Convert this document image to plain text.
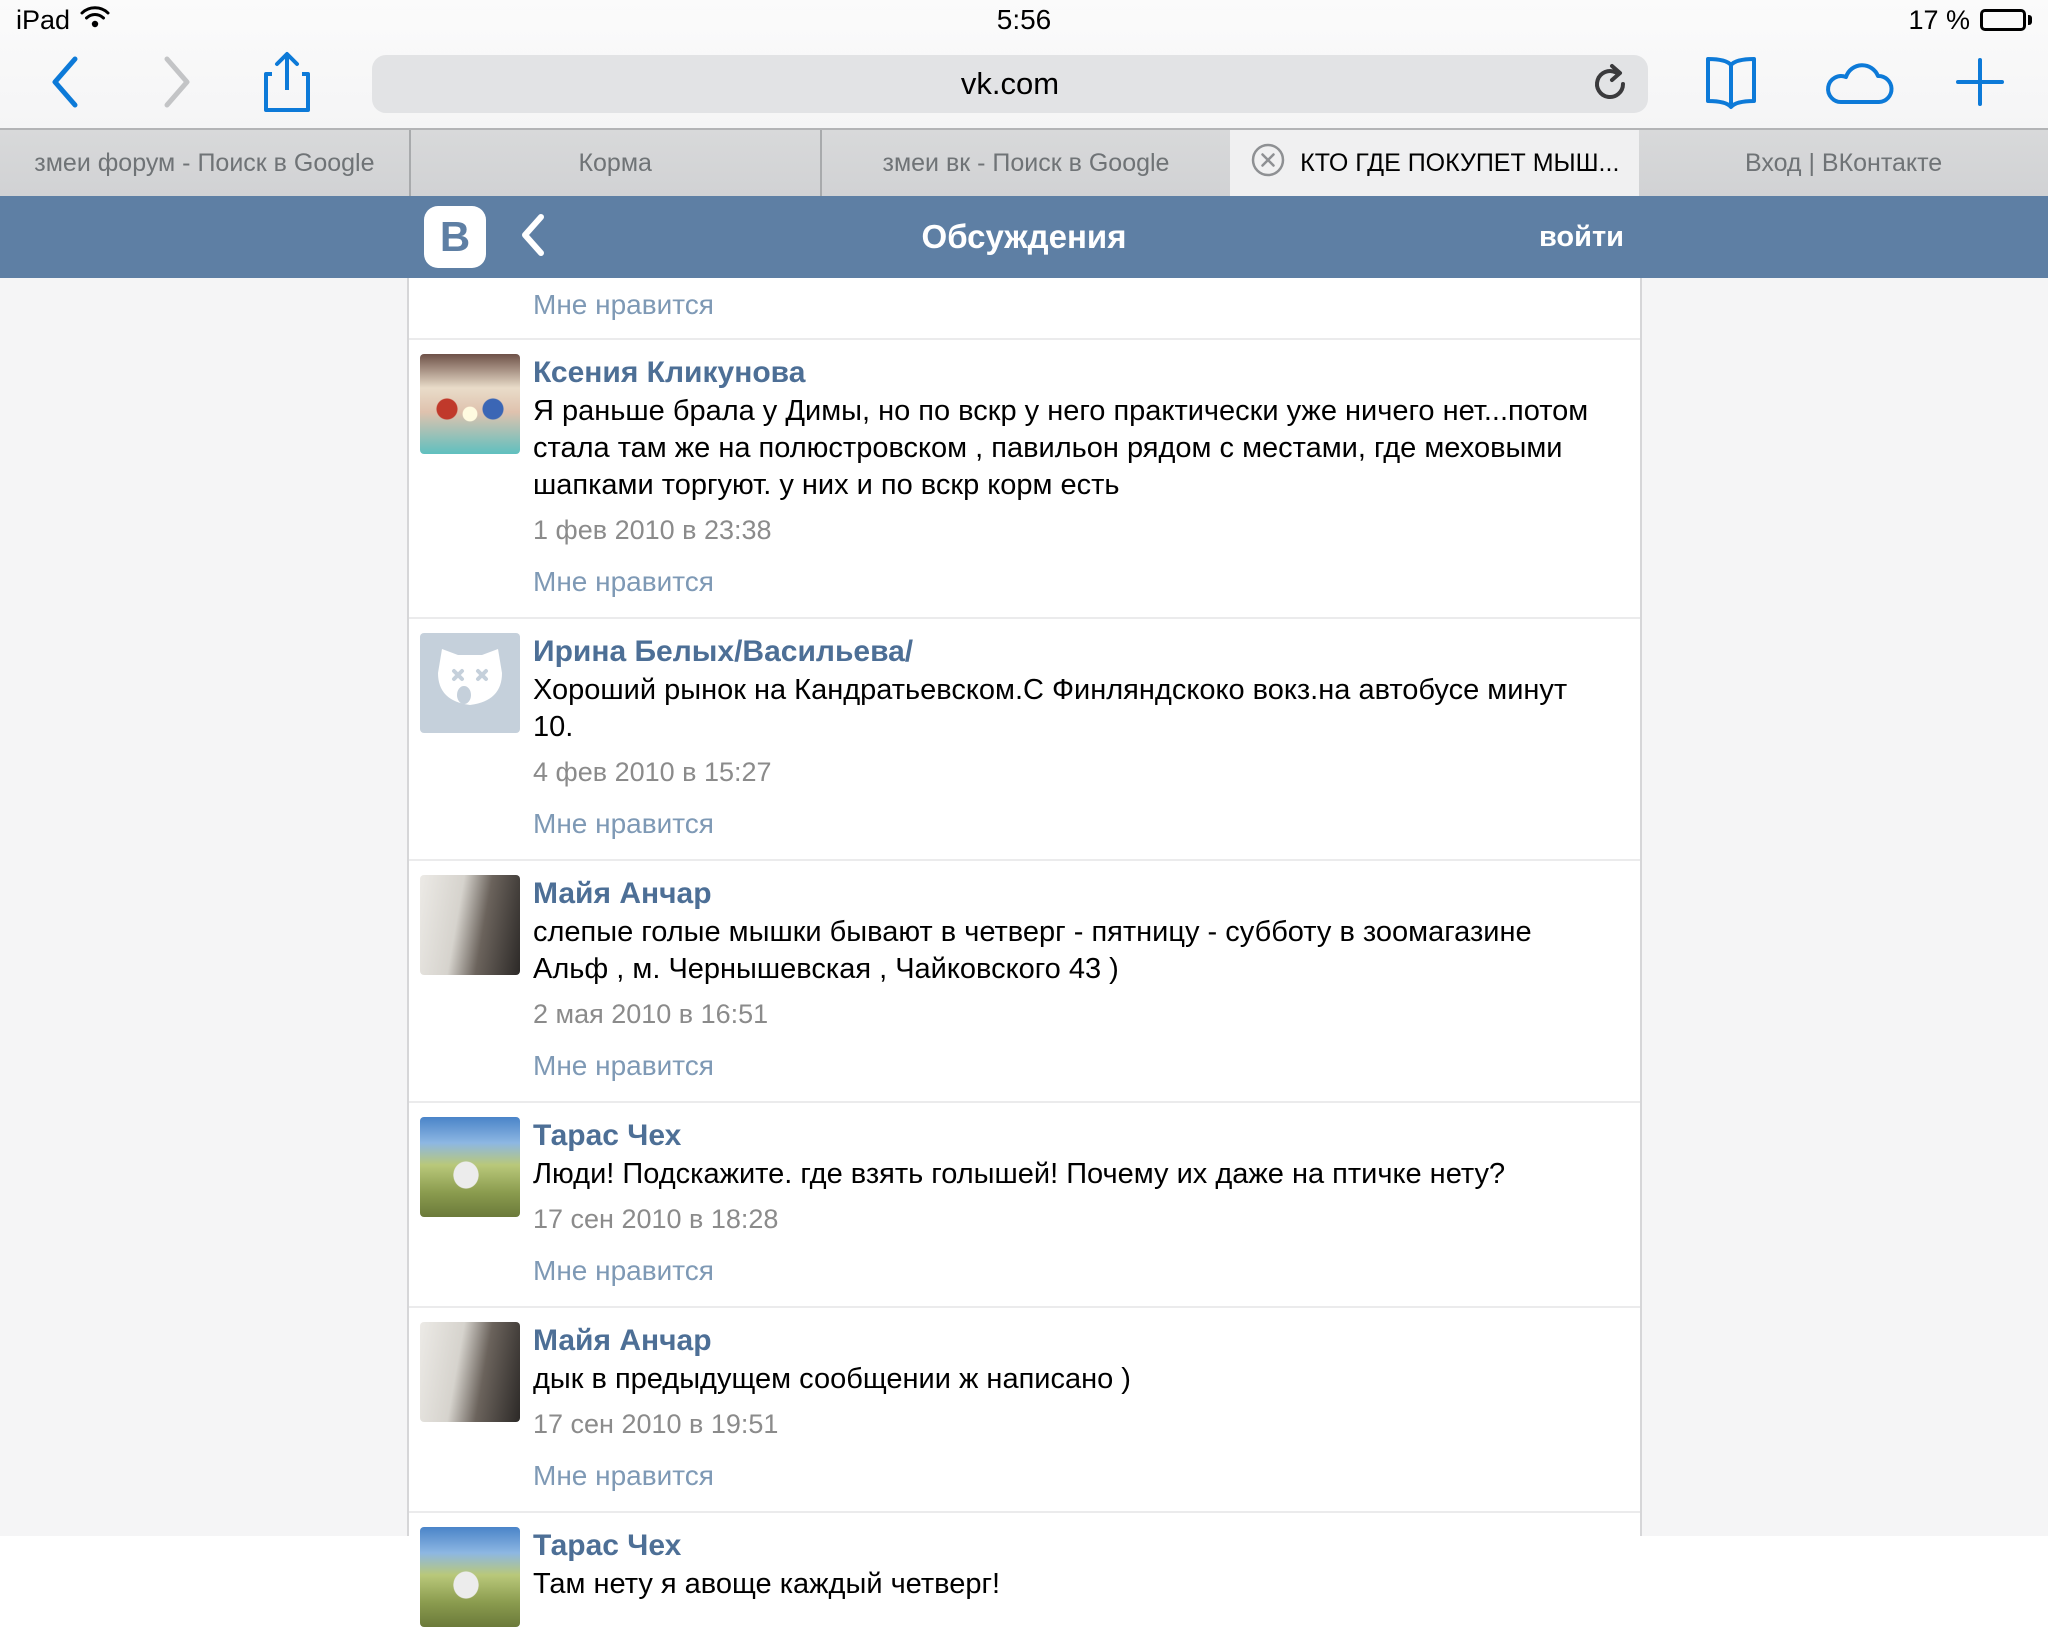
iPad	5:56	17 %
vk.com
змеи форум - Поиск в Google	Корма	змеи вк - Поиск в Google	КТО ГДЕ ПОКУПЕТ МЫШ...	Вход | ВКонтакте
В	Обсуждения	войти
Мне нравится
Ксения Кликунова
Я раньше брала у Димы, но по вскр у него практически уже ничего нет...потом стала там же на полюстровском , павильон рядом с местами, где меховыми шапками торгуют. у них и по вскр корм есть
1 фев 2010 в 23:38
Мне нравится
Ирина Белых/Васильева/
Хороший рынок на Кандратьевском.С Финляндскоко вокз.на автобусе минут 10.
4 фев 2010 в 15:27
Мне нравится
Майя Анчар
слепые голые мышки бывают в четверг - пятницу - субботу в зоомагазине Альф , м. Чернышевская , Чайковского 43 )
2 мая 2010 в 16:51
Мне нравится
Тарас Чех
Люди! Подскажите. где взять голышей! Почему их даже на птичке нету?
17 сен 2010 в 18:28
Мне нравится
Майя Анчар
дык в предыдущем сообщении ж написано )
17 сен 2010 в 19:51
Мне нравится
Тарас Чех
Там нету я авоще каждый четверг!
